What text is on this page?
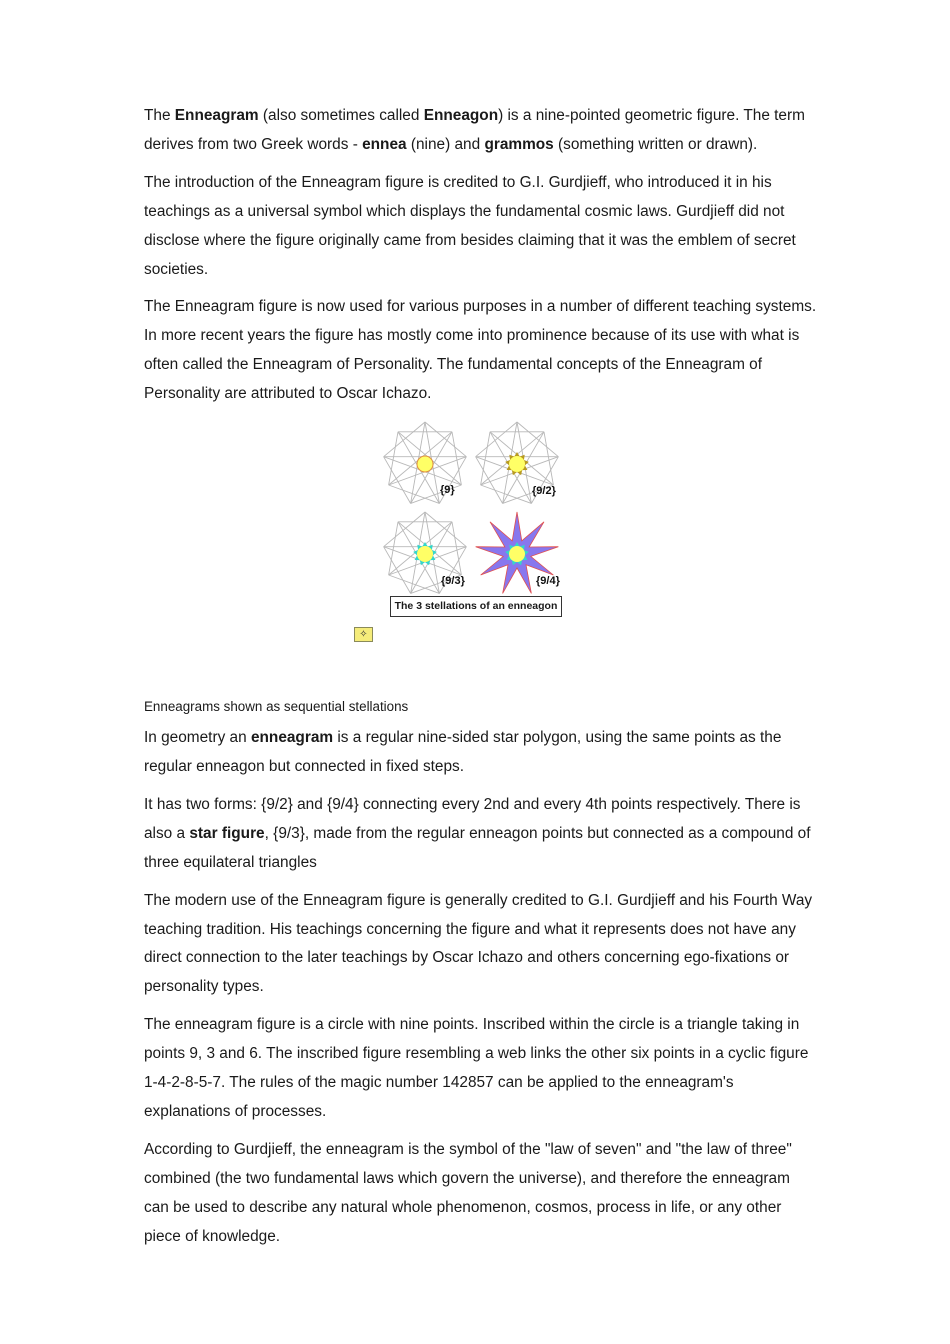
The Enneagram (also sometimes called Enneagon) is a nine-pointed geometric figure. The term derives from two Greek words - ennea (nine) and grammos (something written or drawn).

The introduction of the Enneagram figure is credited to G.I. Gurdjieff, who introduced it in his teachings as a universal symbol which displays the fundamental cosmic laws. Gurdjieff did not disclose where the figure originally came from besides claiming that it was the emblem of secret societies.

The Enneagram figure is now used for various purposes in a number of different teaching systems. In more recent years the figure has mostly come into prominence because of its use with what is often called the Enneagram of Personality. The fundamental concepts of the Enneagram of Personality are attributed to Oscar Ichazo.

{9}	{9/2}
{9/3}	{9/4}
The 3 stellations of an enneagon
✧

Enneagrams shown as sequential stellations

In geometry an enneagram is a regular nine-sided star polygon, using the same points as the regular enneagon but connected in fixed steps.

It has two forms: {9/2} and {9/4} connecting every 2nd and every 4th points respectively. There is also a star figure, {9/3}, made from the regular enneagon points but connected as a compound of three equilateral triangles

The modern use of the Enneagram figure is generally credited to G.I. Gurdjieff and his Fourth Way teaching tradition. His teachings concerning the figure and what it represents does not have any direct connection to the later teachings by Oscar Ichazo and others concerning ego-fixations or personality types.

The enneagram figure is a circle with nine points. Inscribed within the circle is a triangle taking in points 9, 3 and 6. The inscribed figure resembling a web links the other six points in a cyclic figure 1-4-2-8-5-7. The rules of the magic number 142857 can be applied to the enneagram's explanations of processes.

According to Gurdjieff, the enneagram is the symbol of the "law of seven" and "the law of three" combined (the two fundamental laws which govern the universe), and therefore the enneagram can be used to describe any natural whole phenomenon, cosmos, process in life, or any other piece of knowledge.
